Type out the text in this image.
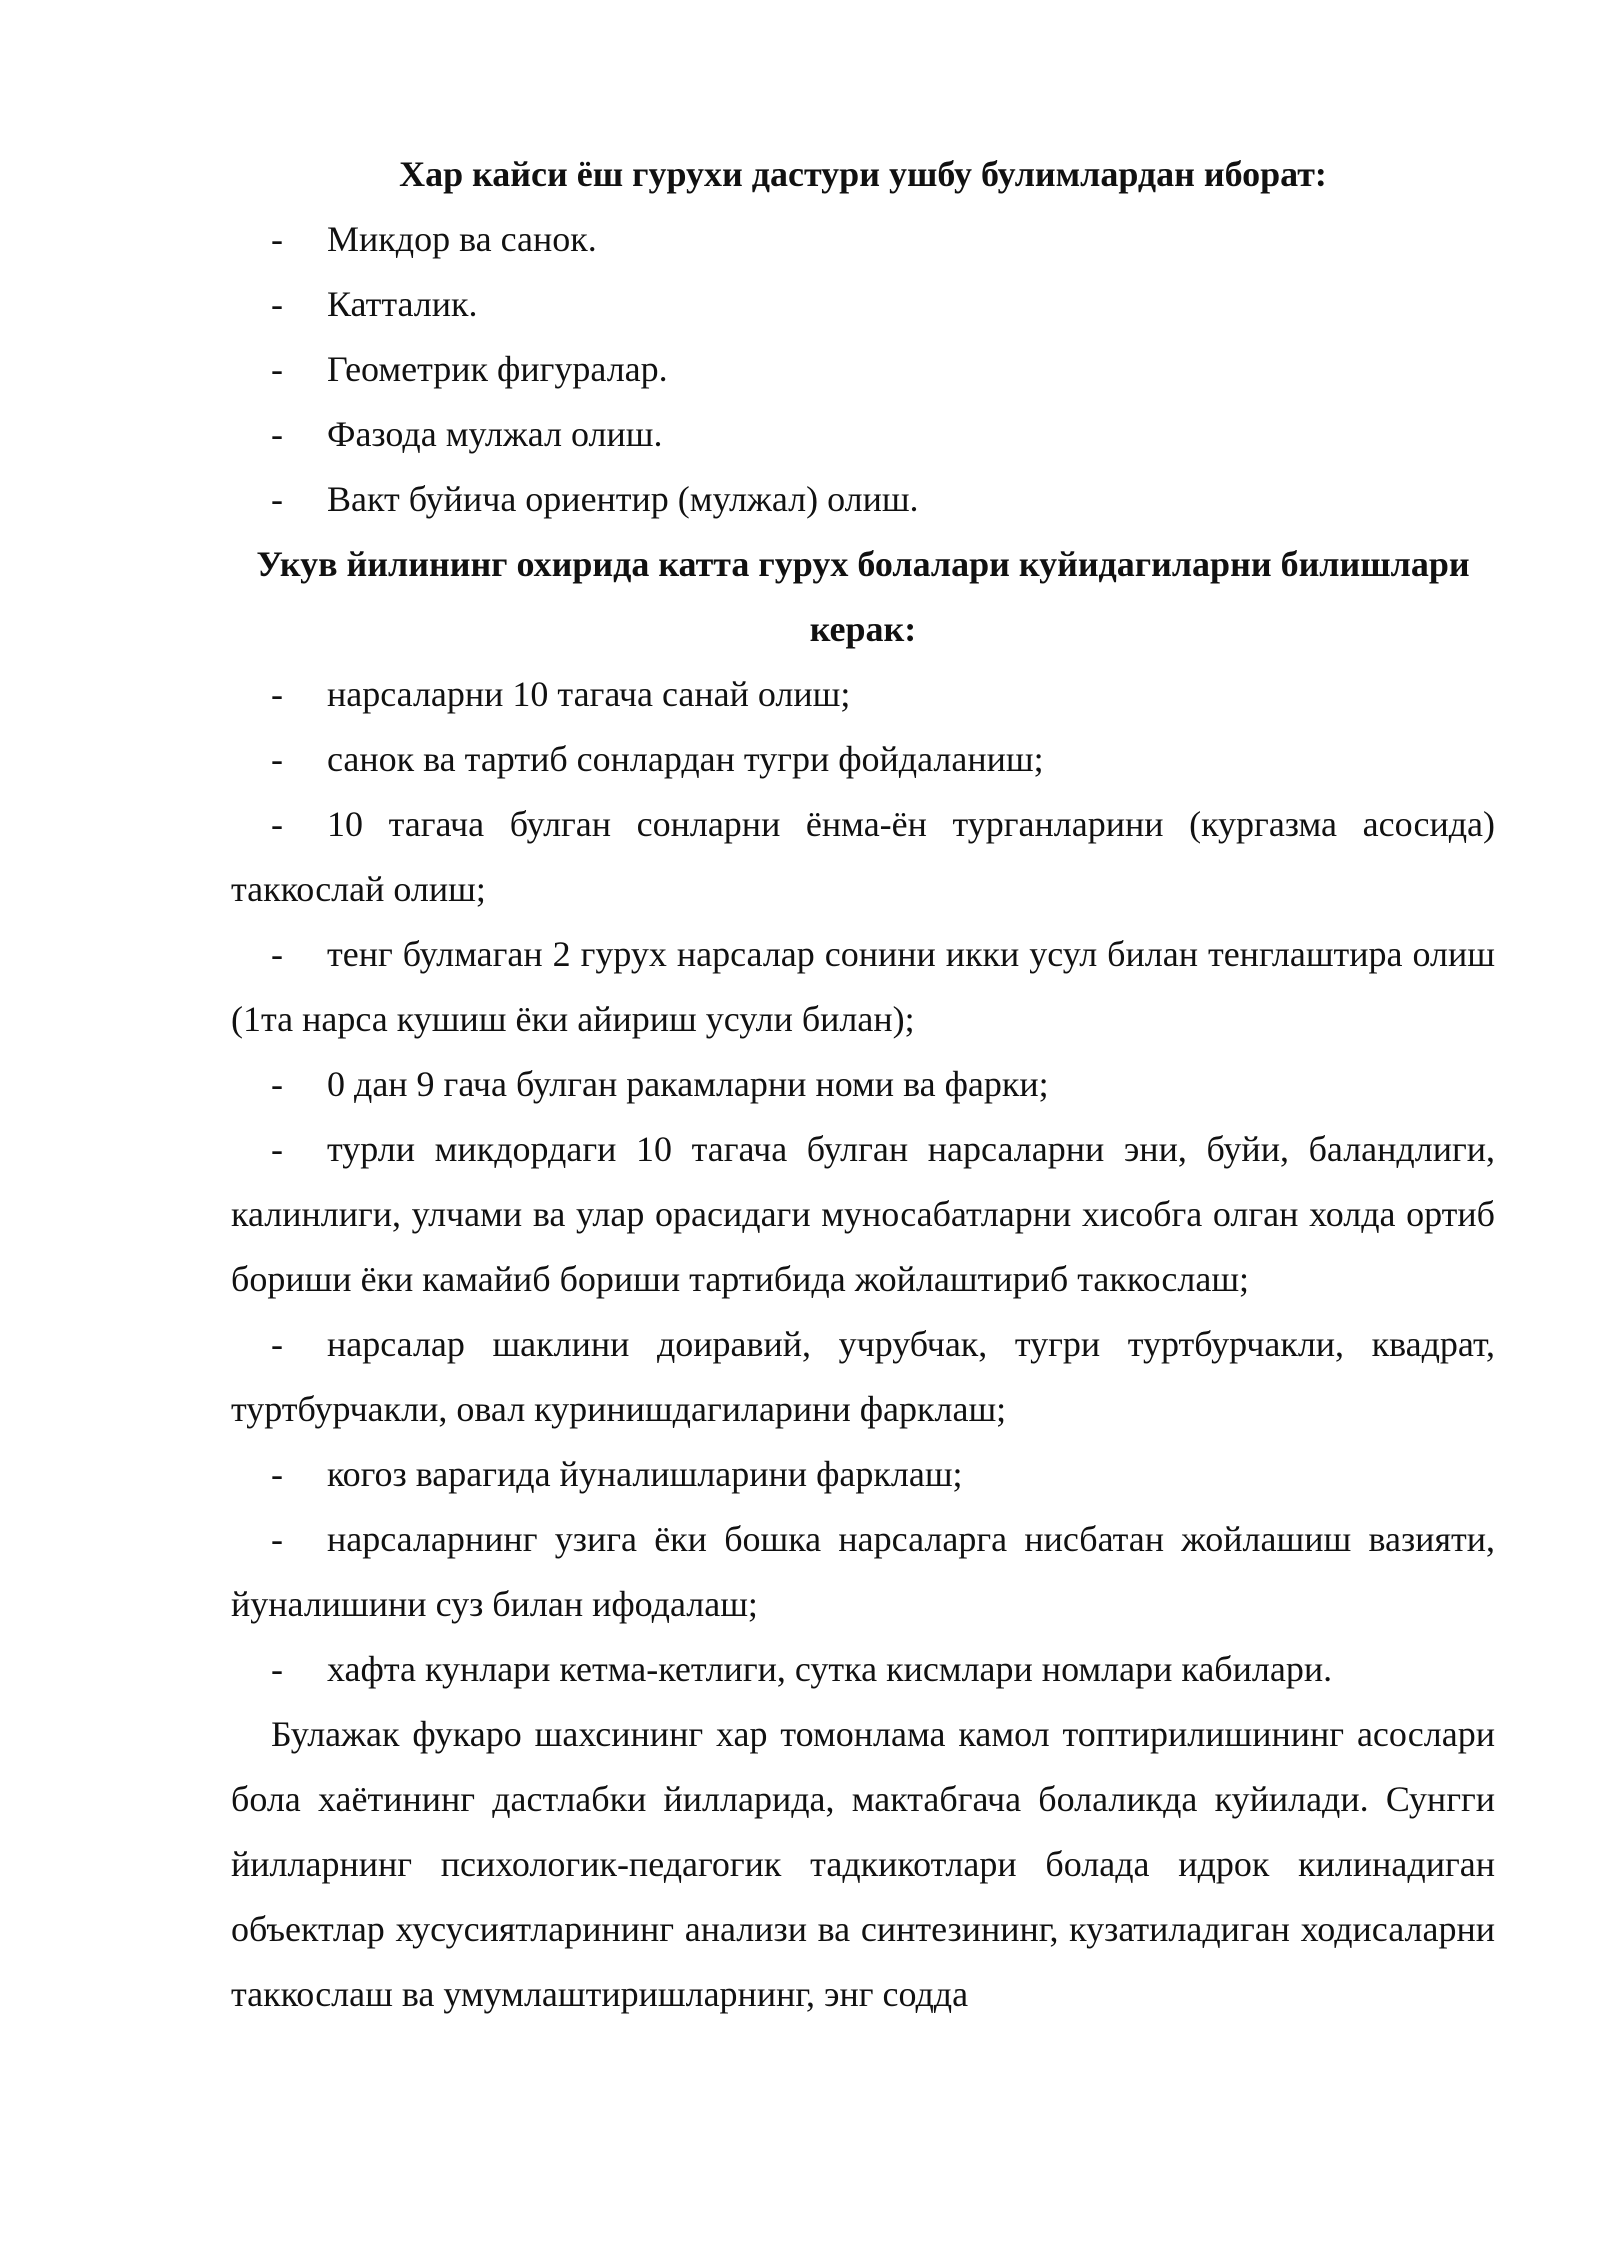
Хар кайси ёш гурухи дастури ушбу булимлардан иборат:

- Микдор ва санок.

- Катталик.

- Геометрик фигуралар.

- Фазода мулжал олиш.

- Вакт буйича ориентир (мулжал) олиш.

Укув йилининг охирида катта гурух болалари куйидагиларни билишлари керак:

- нарсаларни 10 тагача санай олиш;

- санок ва тартиб сонлардан тугри фойдаланиш;

- 10 тагача булган сонларни ёнма-ён турганларини (кургазма асосида) таккослай олиш;

- тенг булмаган 2 гурух нарсалар сонини икки усул билан тенглаштира олиш (1та нарса кушиш ёки айириш усули билан);

- 0 дан 9 гача булган ракамларни номи ва фарки;

- турли микдордаги 10 тагача булган нарсаларни эни, буйи, баландлиги, калинлиги, улчами ва улар орасидаги муносабатларни хисобга олган холда ортиб бориши ёки камайиб бориши тартибида жойлаштириб таккослаш;

- нарсалар шаклини доиравий, учрубчак, тугри туртбурчакли, квадрат, туртбурчакли, овал куринишдагиларини фарклаш;

- когоз варагида йуналишларини фарклаш;

- нарсаларнинг узига ёки бошка нарсаларга нисбатан жойлашиш вазияти, йуналишини суз билан ифодалаш;

- хафта кунлари кетма-кетлиги, сутка кисмлари номлари кабилари.

Булажак фукаро шахсининг хар томонлама камол топтирилишининг асослари бола хаётининг дастлабки йилларида, мактабгача болаликда куйилади. Сунгги йилларнинг психологик-педагогик тадкикотлари болада идрок килинадиган объектлар хусусиятларининг анализи ва синтезининг, кузатиладиган ходисаларни таккослаш ва умумлаштиришларнинг, энг содда
